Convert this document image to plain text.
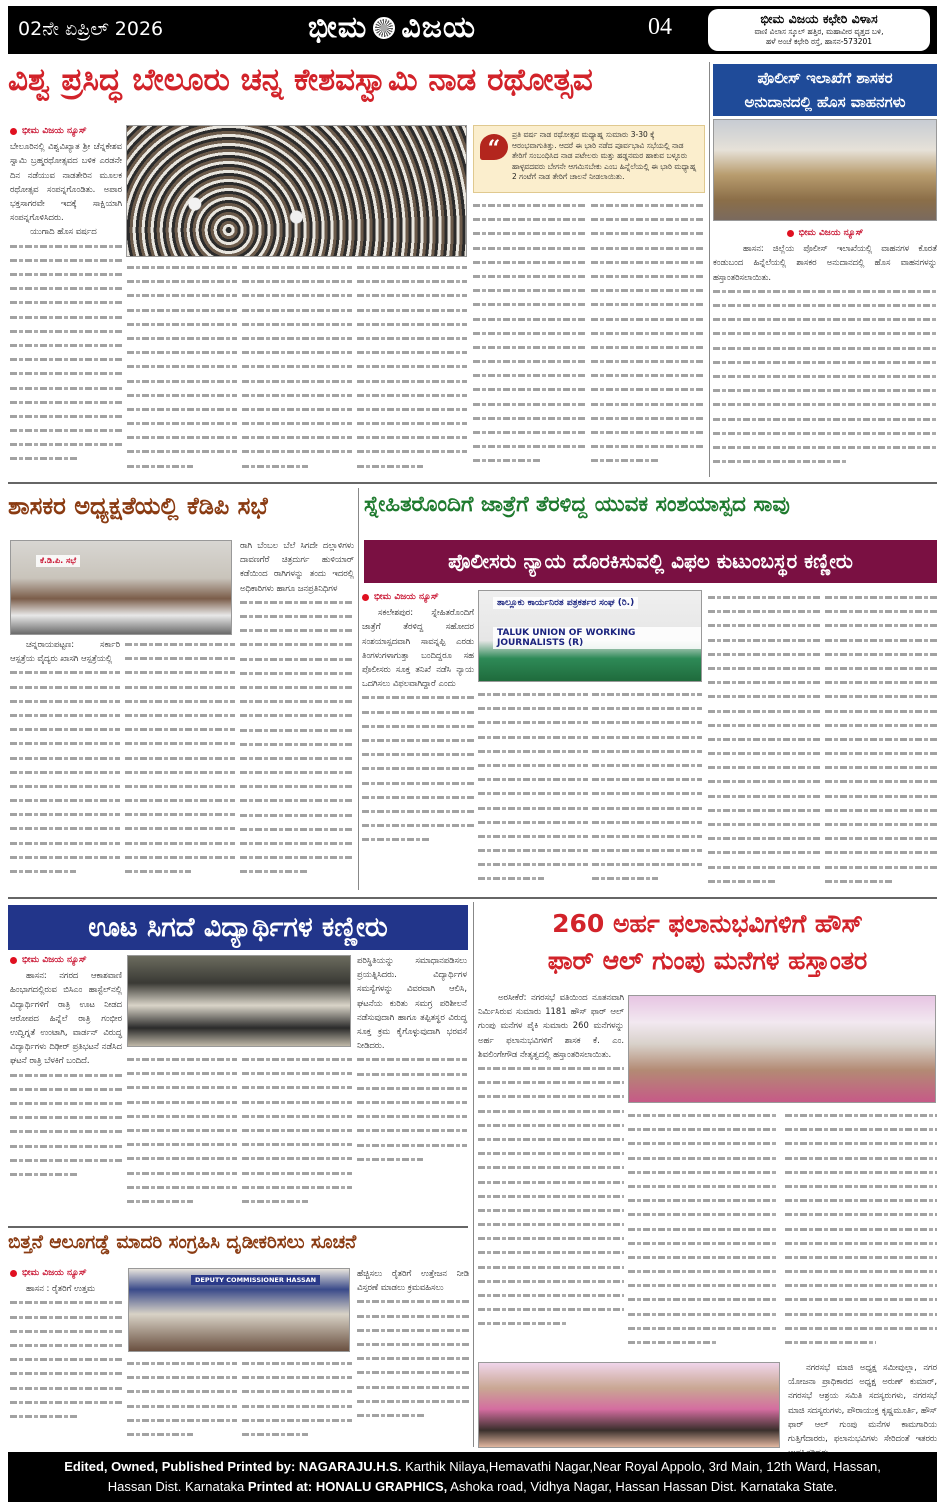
02ನೇ ಏಪ್ರಿಲ್ 2026	ಭೀಮ ವಿಜಯ	04	ಭೀಮ ವಿಜಯ ಕಛೇರಿ ವಿಳಾಸ
ವಾಣಿ ವಿಲಾಸ ಸ್ಕೂಲ್ ಹತ್ತಿರ, ಮಹಾವೀರ ವೃತ್ತದ ಬಳಿ,
ಹಳೆ ಅಂಚೆ ಕಛೇರಿ ರಸ್ತೆ, ಹಾಸನ-573201
ವಿಶ್ವ ಪ್ರಸಿದ್ಧ ಬೇಲೂರು ಚನ್ನ ಕೇಶವಸ್ವಾಮಿ ನಾಡ ರಥೋತ್ಸವ
ಭೀಮ ವಿಜಯ ನ್ಯೂಸ್
ಬೇಲೂರಿನಲ್ಲಿ ವಿಶ್ವವಿಖ್ಯಾತ ಶ್ರೀ ಚೆನ್ನಕೇಶವ ಸ್ವಾಮಿ ಬ್ರಹ್ಮರಥೋತ್ಸವದ ಬಳಿಕ ಎರಡನೇ ದಿನ ನಡೆಯುವ ನಾಡತೇರಿನ ಮೂಲಕ ರಥೋತ್ಸವ ಸಂಪನ್ನಗೊಂಡಿತು. ಅಪಾರ ಭಕ್ತಸಾಗರವೇ ಇದಕ್ಕೆ ಸಾಕ್ಷಿಯಾಗಿ ಸಂಪನ್ನಗೊಳಿಸಿದರು.
ಯುಗಾದಿ ಹೊಸ ವರ್ಷದ
“
ಪ್ರತಿ ವರ್ಷ ನಾಡ ರಥೋತ್ಸವ ಮಧ್ಯಾಹ್ನ ಸುಮಾರು 3-30 ಕ್ಕೆ ಆರಂಭವಾಗುತಿತ್ತು. ಆದರೆ ಈ ಭಾರಿ ನಡೆದ ಪೂರ್ವಭಾವಿ ಸಭೆಯಲ್ಲಿ ನಾಡ ತೇರಿಗೆ ಸಂಬಂಧಿಸಿದ ನಾಡ ಪಟೇಲರು ಮತ್ತು ಹಡ್ಡನಮರ ಹಾಕುವ ಬಳ್ಳೂರು ಹಾಳ್ಳವದವರು ಬೇಗನೇ ಆಗಮಿಸಬೇಕು ಎಂಬ ಹಿನ್ನೆಲೆಯಲ್ಲಿ ಈ ಭಾರಿ ಮಧ್ಯಾಹ್ನ 2 ಗಂಟೆಗೆ ನಾಡ ತೇರಿಗೆ ಚಾಲನೆ ನೀಡಲಾಯಿತು.
ಪೊಲೀಸ್ ಇಲಾಖೆಗೆ ಶಾಸಕರ
ಅನುದಾನದಲ್ಲಿ ಹೊಸ ವಾಹನಗಳು
ಭೀಮ ವಿಜಯ ನ್ಯೂಸ್
ಹಾಸನ: ಜಿಲ್ಲೆಯ ಪೊಲೀಸ್ ಇಲಾಖೆಯಲ್ಲಿ ವಾಹನಗಳ ಕೊರತೆ ಕಂಡುಬಂದ ಹಿನ್ನೆಲೆಯಲ್ಲಿ ಶಾಸಕರ ಅನುದಾನದಲ್ಲಿ ಹೊಸ ವಾಹನಗಳನ್ನು ಹಸ್ತಾಂತರಿಸಲಾಯಿತು.
ಶಾಸಕರ ಅಧ್ಯಕ್ಷತೆಯಲ್ಲಿ ಕೆಡಿಪಿ ಸಭೆ
ಕೆ.ಡಿ.ಪಿ. ಸಭೆ
ರಾಗಿ ಬೆಂಬಲ ಬೆಲೆ ಸಿಗದೇ ದಲ್ಲಾಳಿಗಳು ದಾವಣಗೆರೆ ಚಿತ್ರದುರ್ಗ ಹುಳಿಯಾರ್ ಕಡೆಯಿಂದ ರಾಗಿಗಳನ್ನು ತಂದು ಇದರಲ್ಲಿ ಅಧಿಕಾರಿಗಳು ಹಾಗೂ ಜನಪ್ರತಿನಿಧಿಗಳ
ಚನ್ನರಾಯಪಟ್ಟಣ: ಸರ್ಕಾರಿ ಆಸ್ಪತ್ರೆಯ ವೈದ್ಯರು ಖಾಸಗಿ ಆಸ್ಪತ್ರೆಯಲ್ಲಿ
ಸ್ನೇಹಿತರೊಂದಿಗೆ ಜಾತ್ರೆಗೆ ತೆರಳಿದ್ದ ಯುವಕ ಸಂಶಯಾಸ್ಪದ ಸಾವು
ಪೊಲೀಸರು ನ್ಯಾಯ ದೊರಕಿಸುವಲ್ಲಿ ವಿಫಲ ಕುಟುಂಬಸ್ಥರ ಕಣ್ಣೀರು
ಭೀಮ ವಿಜಯ ನ್ಯೂಸ್
ಸಕಲೇಶಪುರ: ಸ್ನೇಹಿತರೊಂದಿಗೆ ಜಾತ್ರೆಗೆ ತೆರಳಿದ್ದ ಸಹೋದರ ಸಂಶಯಾಸ್ಪದವಾಗಿ ಸಾವನ್ನಪ್ಪಿ ಎರಡು ತಿಂಗಳುಗಳಾಗುತ್ತಾ ಬಂದಿದ್ದರೂ ಸಹ ಪೊಲೀಸರು ಸೂಕ್ತ ತನಿಖೆ ನಡೆಸಿ ನ್ಯಾಯ ಒದಗಿಸಲು ವಿಫಲವಾಗಿದ್ದಾರೆ ಎಂದು
ತಾಲ್ಲೂಕು ಕಾರ್ಯನಿರತ ಪತ್ರಕರ್ತರ ಸಂಘ (ರಿ.)
TALUK UNION OF WORKING JOURNALISTS (R)
ಊಟ ಸಿಗದೆ ವಿದ್ಯಾರ್ಥಿಗಳ ಕಣ್ಣೀರು
ಭೀಮ ವಿಜಯ ನ್ಯೂಸ್
ಹಾಸನ: ನಗರದ ಆಕಾಶವಾಣಿ ಹಿಂಭಾಗದಲ್ಲಿರುವ ಬಿಸಿಎಂ ಹಾಸ್ಟೆಲ್‌ನಲ್ಲಿ ವಿದ್ಯಾರ್ಥಿಗಳಿಗೆ ರಾತ್ರಿ ಊಟ ನೀಡದ ಆರೋಪದ ಹಿನ್ನೆಲೆ ರಾತ್ರಿ ಗಂಭೀರ ಉದ್ವಿಗ್ನತೆ ಉಂಟಾಗಿ, ವಾರ್ಡನ್ ವಿರುದ್ಧ ವಿದ್ಯಾರ್ಥಿಗಳು ದಿಢೀರ್ ಪ್ರತಿಭಟನೆ ನಡೆಸಿದ ಘಟನೆ ರಾತ್ರಿ ಬೆಳಕಿಗೆ ಬಂದಿದೆ.
ಪರಿಸ್ಥಿತಿಯನ್ನು ಸಮಾಧಾನಪಡಿಸಲು ಪ್ರಯತ್ನಿಸಿದರು. ವಿದ್ಯಾರ್ಥಿಗಳ ಸಮಸ್ಯೆಗಳನ್ನು ವಿವರವಾಗಿ ಆಲಿಸಿ, ಘಟನೆಯ ಕುರಿತು ಸಮಗ್ರ ಪರಿಶೀಲನೆ ನಡೆಸುವುದಾಗಿ ಹಾಗೂ ತಪ್ಪಿತಸ್ಥರ ವಿರುದ್ಧ ಸೂಕ್ತ ಕ್ರಮ ಕೈಗೊಳ್ಳುವುದಾಗಿ ಭರವಸೆ ನೀಡಿದರು.
260 ಅರ್ಹ ಫಲಾನುಭವಿಗಳಿಗೆ ಹೌಸ್
ಫಾರ್ ಆಲ್ ಗುಂಪು ಮನೆಗಳ ಹಸ್ತಾಂತರ
ಅರಸೀಕೆರೆ: ನಗರಸಭೆ ವತಿಯಿಂದ ನೂತನವಾಗಿ ನಿರ್ಮಿಸಿರುವ ಸುಮಾರು 1181 ಹೌಸ್ ಫಾರ್ ಆಲ್ ಗುಂಪು ಮನೆಗಳ ಪೈಕಿ ಸುಮಾರು 260 ಮನೆಗಳನ್ನು ಅರ್ಹ ಫಲಾನುಭವಿಗಳಿಗೆ ಶಾಸಕ ಕೆ. ಎಂ. ಶಿವಲಿಂಗೇಗೌಡ ನೇತೃತ್ವದಲ್ಲಿ ಹಸ್ತಾಂತರಿಸಲಾಯಿತು.
ನಗರಸಭೆ ಮಾಜಿ ಅಧ್ಯಕ್ಷ ಸಮೀವುಲ್ಲಾ, ನಗರ ಯೋಜನಾ ಪ್ರಾಧಿಕಾರದ ಅಧ್ಯಕ್ಷ ಅರುಣ್ ಕುಮಾರ್, ನಗರಸಭೆ ಆಶ್ರಯ ಸಮಿತಿ ಸದಸ್ಯರುಗಳು, ನಗರಸಭೆ ಮಾಜಿ ಸದಸ್ಯರುಗಳು, ಪೌರಾಯುಕ್ತ ಕೃಷ್ಣಮೂರ್ತಿ, ಹೌಸ್ ಫಾರ್ ಆಲ್ ಗುಂಪು ಮನೆಗಳ ಕಾಮಗಾರಿಯ ಗುತ್ತಿಗೆದಾರರು, ಫಲಾನುಭವಿಗಳು ಸೇರಿದಂತೆ ಇತರರು
ಬಿತ್ತನೆ ಆಲೂಗಡ್ಡೆ ಮಾದರಿ ಸಂಗ್ರಹಿಸಿ ದೃಡೀಕರಿಸಲು ಸೂಚನೆ
ಭೀಮ ವಿಜಯ ನ್ಯೂಸ್
ಹಾಸನ : ರೈತರಿಗೆ ಉತ್ತಮ
DEPUTY COMMISSIONER HASSAN
ಹೆಚ್ಚಿಸಲು ರೈತರಿಗೆ ಉತ್ತೇಜನ ನೀಡಿ ವಿಸ್ತರಣೆ ಮಾಡಲು ಕ್ರಮವಹಿಸಲು
Edited, Owned, Published Printed by: NAGARAJU.H.S. Karthik Nilaya,Hemavathi Nagar,Near Royal Appolo, 3rd Main, 12th Ward, Hassan,
Hassan Dist. Karnataka Printed at: HONALU GRAPHICS, Ashoka road, Vidhya Nagar, Hassan Hassan Dist. Karnataka State.
